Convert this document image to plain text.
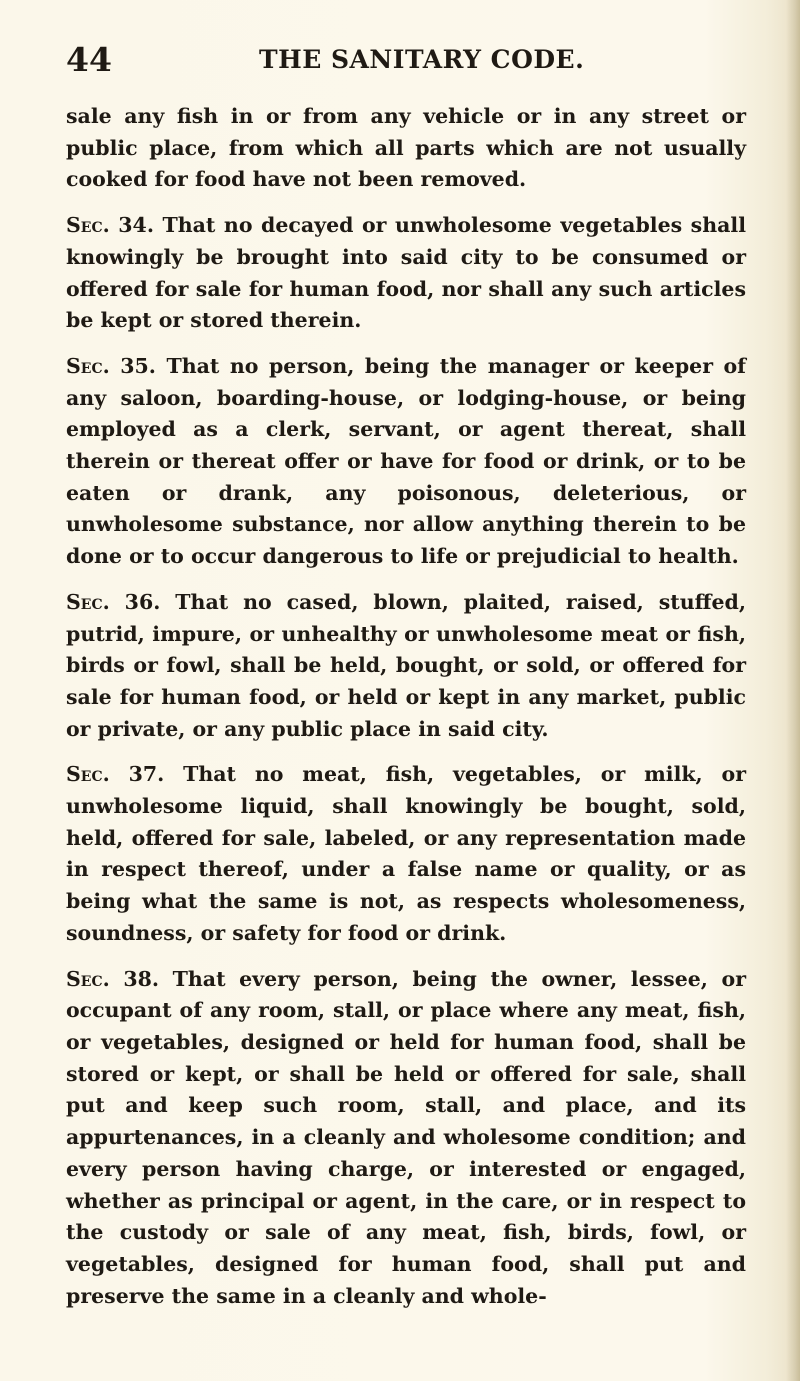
44	THE SANITARY CODE.

sale any fish in or from any vehicle or in any street or public place, from which all parts which are not usually cooked for food have not been removed.

Sec. 34. That no decayed or unwholesome vegetables shall knowingly be brought into said city to be consumed or offered for sale for human food, nor shall any such articles be kept or stored therein.

Sec. 35. That no person, being the manager or keeper of any saloon, boarding-house, or lodging-house, or being employed as a clerk, servant, or agent thereat, shall therein or thereat offer or have for food or drink, or to be eaten or drank, any poisonous, deleterious, or unwholesome substance, nor allow anything therein to be done or to occur dangerous to life or prejudicial to health.

Sec. 36. That no cased, blown, plaited, raised, stuffed, putrid, impure, or unhealthy or unwholesome meat or fish, birds or fowl, shall be held, bought, or sold, or offered for sale for human food, or held or kept in any market, public or private, or any public place in said city.

Sec. 37. That no meat, fish, vegetables, or milk, or unwholesome liquid, shall knowingly be bought, sold, held, offered for sale, labeled, or any representation made in respect thereof, under a false name or quality, or as being what the same is not, as respects wholesomeness, soundness, or safety for food or drink.

Sec. 38. That every person, being the owner, lessee, or occupant of any room, stall, or place where any meat, fish, or vegetables, designed or held for human food, shall be stored or kept, or shall be held or offered for sale, shall put and keep such room, stall, and place, and its appurtenances, in a cleanly and wholesome condition; and every person having charge, or interested or engaged, whether as principal or agent, in the care, or in respect to the custody or sale of any meat, fish, birds, fowl, or vegetables, designed for human food, shall put and preserve the same in a cleanly and whole-
